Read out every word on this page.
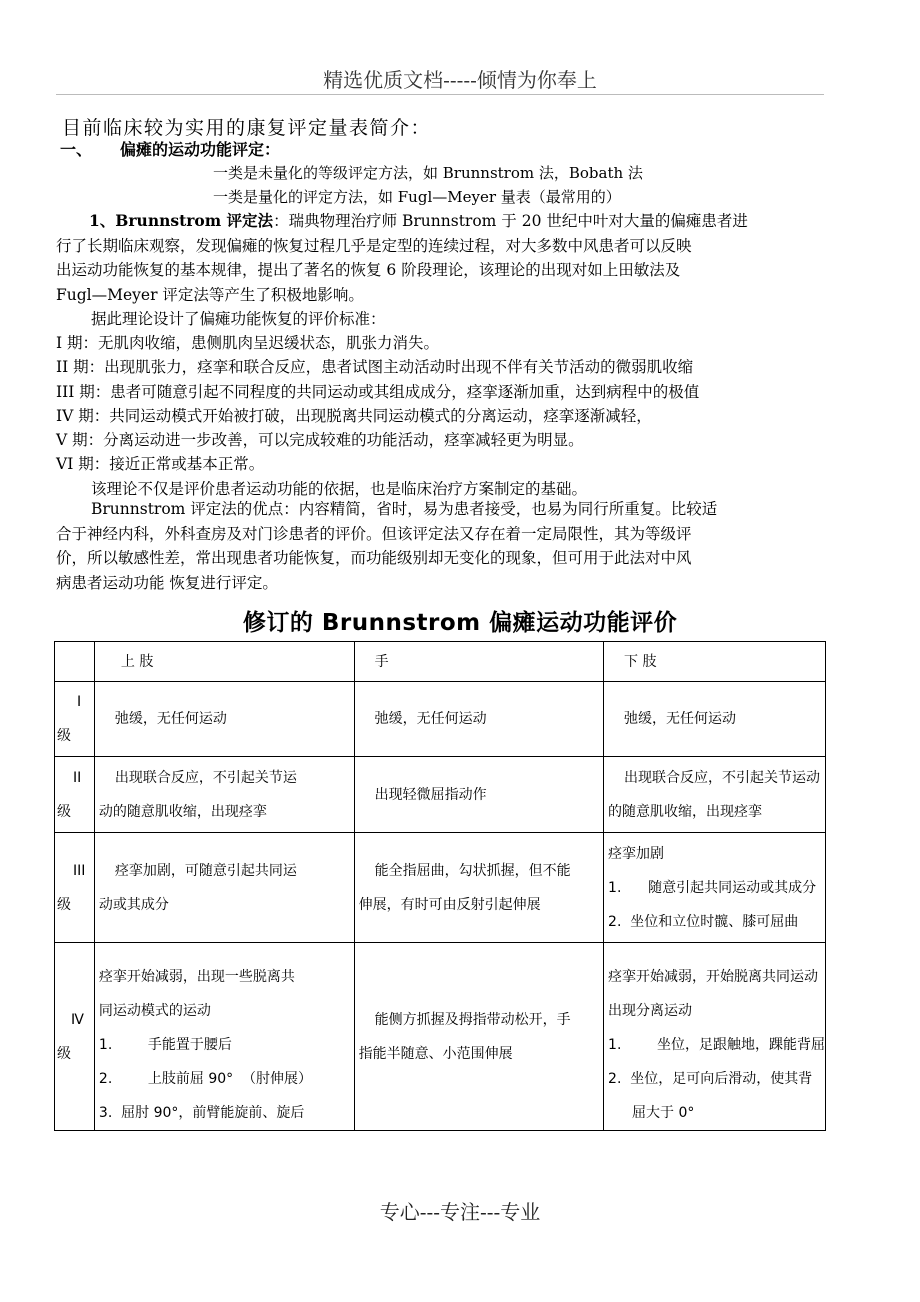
精选优质文档-----倾情为你奉上
目前临床较为实用的康复评定量表简介：
一、 偏瘫的运动功能评定：
一类是未量化的等级评定方法，如 Brunnstrom 法，Bobath 法
一类是量化的评定方法，如 Fugl—Meyer 量表（最常用的）
1、Brunnstrom 评定法：瑞典物理治疗师 Brunnstrom 于 20 世纪中叶对大量的偏瘫患者进
行了长期临床观察，发现偏瘫的恢复过程几乎是定型的连续过程，对大多数中风患者可以反映
出运动功能恢复的基本规律，提出了著名的恢复 6 阶段理论，该理论的出现对如上田敏法及
Fugl—Meyer 评定法等产生了积极地影响。
据此理论设计了偏瘫功能恢复的评价标准：
I 期：无肌肉收缩，患侧肌肉呈迟缓状态，肌张力消失。
II 期：出现肌张力，痉挛和联合反应，患者试图主动活动时出现不伴有关节活动的微弱肌收缩
III 期：患者可随意引起不同程度的共同运动或其组成成分，痉挛逐渐加重，达到病程中的极值
IV 期：共同运动模式开始被打破，出现脱离共同运动模式的分离运动，痉挛逐渐减轻，
V 期：分离运动进一步改善，可以完成较难的功能活动，痉挛减轻更为明显。
VI 期：接近正常或基本正常。
该理论不仅是评价患者运动功能的依据，也是临床治疗方案制定的基础。
Brunnstrom 评定法的优点：内容精简，省时，易为患者接受，也易为同行所重复。比较适
合于神经内科，外科查房及对门诊患者的评价。但该评定法又存在着一定局限性，其为等级评
价，所以敏感性差，常出现患者功能恢复，而功能级别却无变化的现象，但可用于此法对中风
病患者运动功能 恢复进行评定。
修订的 Brunnstrom 偏瘫运动功能评价
	上 肢	手	下 肢

I
级	弛缓，无任何运动	弛缓，无任何运动	弛缓，无任何运动

II
级	出现联合反应，不引起关节运
动的随意肌收缩，出现痉挛	出现轻微屈指动作	出现联合反应，不引起关节运动
的随意肌收缩，出现痉挛

III
级	痉挛加剧，可随意引起共同运
动或其成分	能全指屈曲，勾状抓握，但不能
伸展，有时可由反射引起伸展	痉挛加剧
1.      随意引起共同运动或其成分
2.  坐位和立位时髋、膝可屈曲

Ⅳ
级	痉挛开始减弱，出现一些脱离共
同运动模式的运动
1.        手能置于腰后
2.        上肢前屈 90°  （肘伸展）
3.  屈肘 90°，前臂能旋前、旋后	能侧方抓握及拇指带动松开，手
指能半随意、小范围伸展	痉挛开始减弱，开始脱离共同运动
出现分离运动
1.        坐位，足跟触地，踝能背屈
2.  坐位，足可向后滑动，使其背
屈大于 0°
专心---专注---专业
